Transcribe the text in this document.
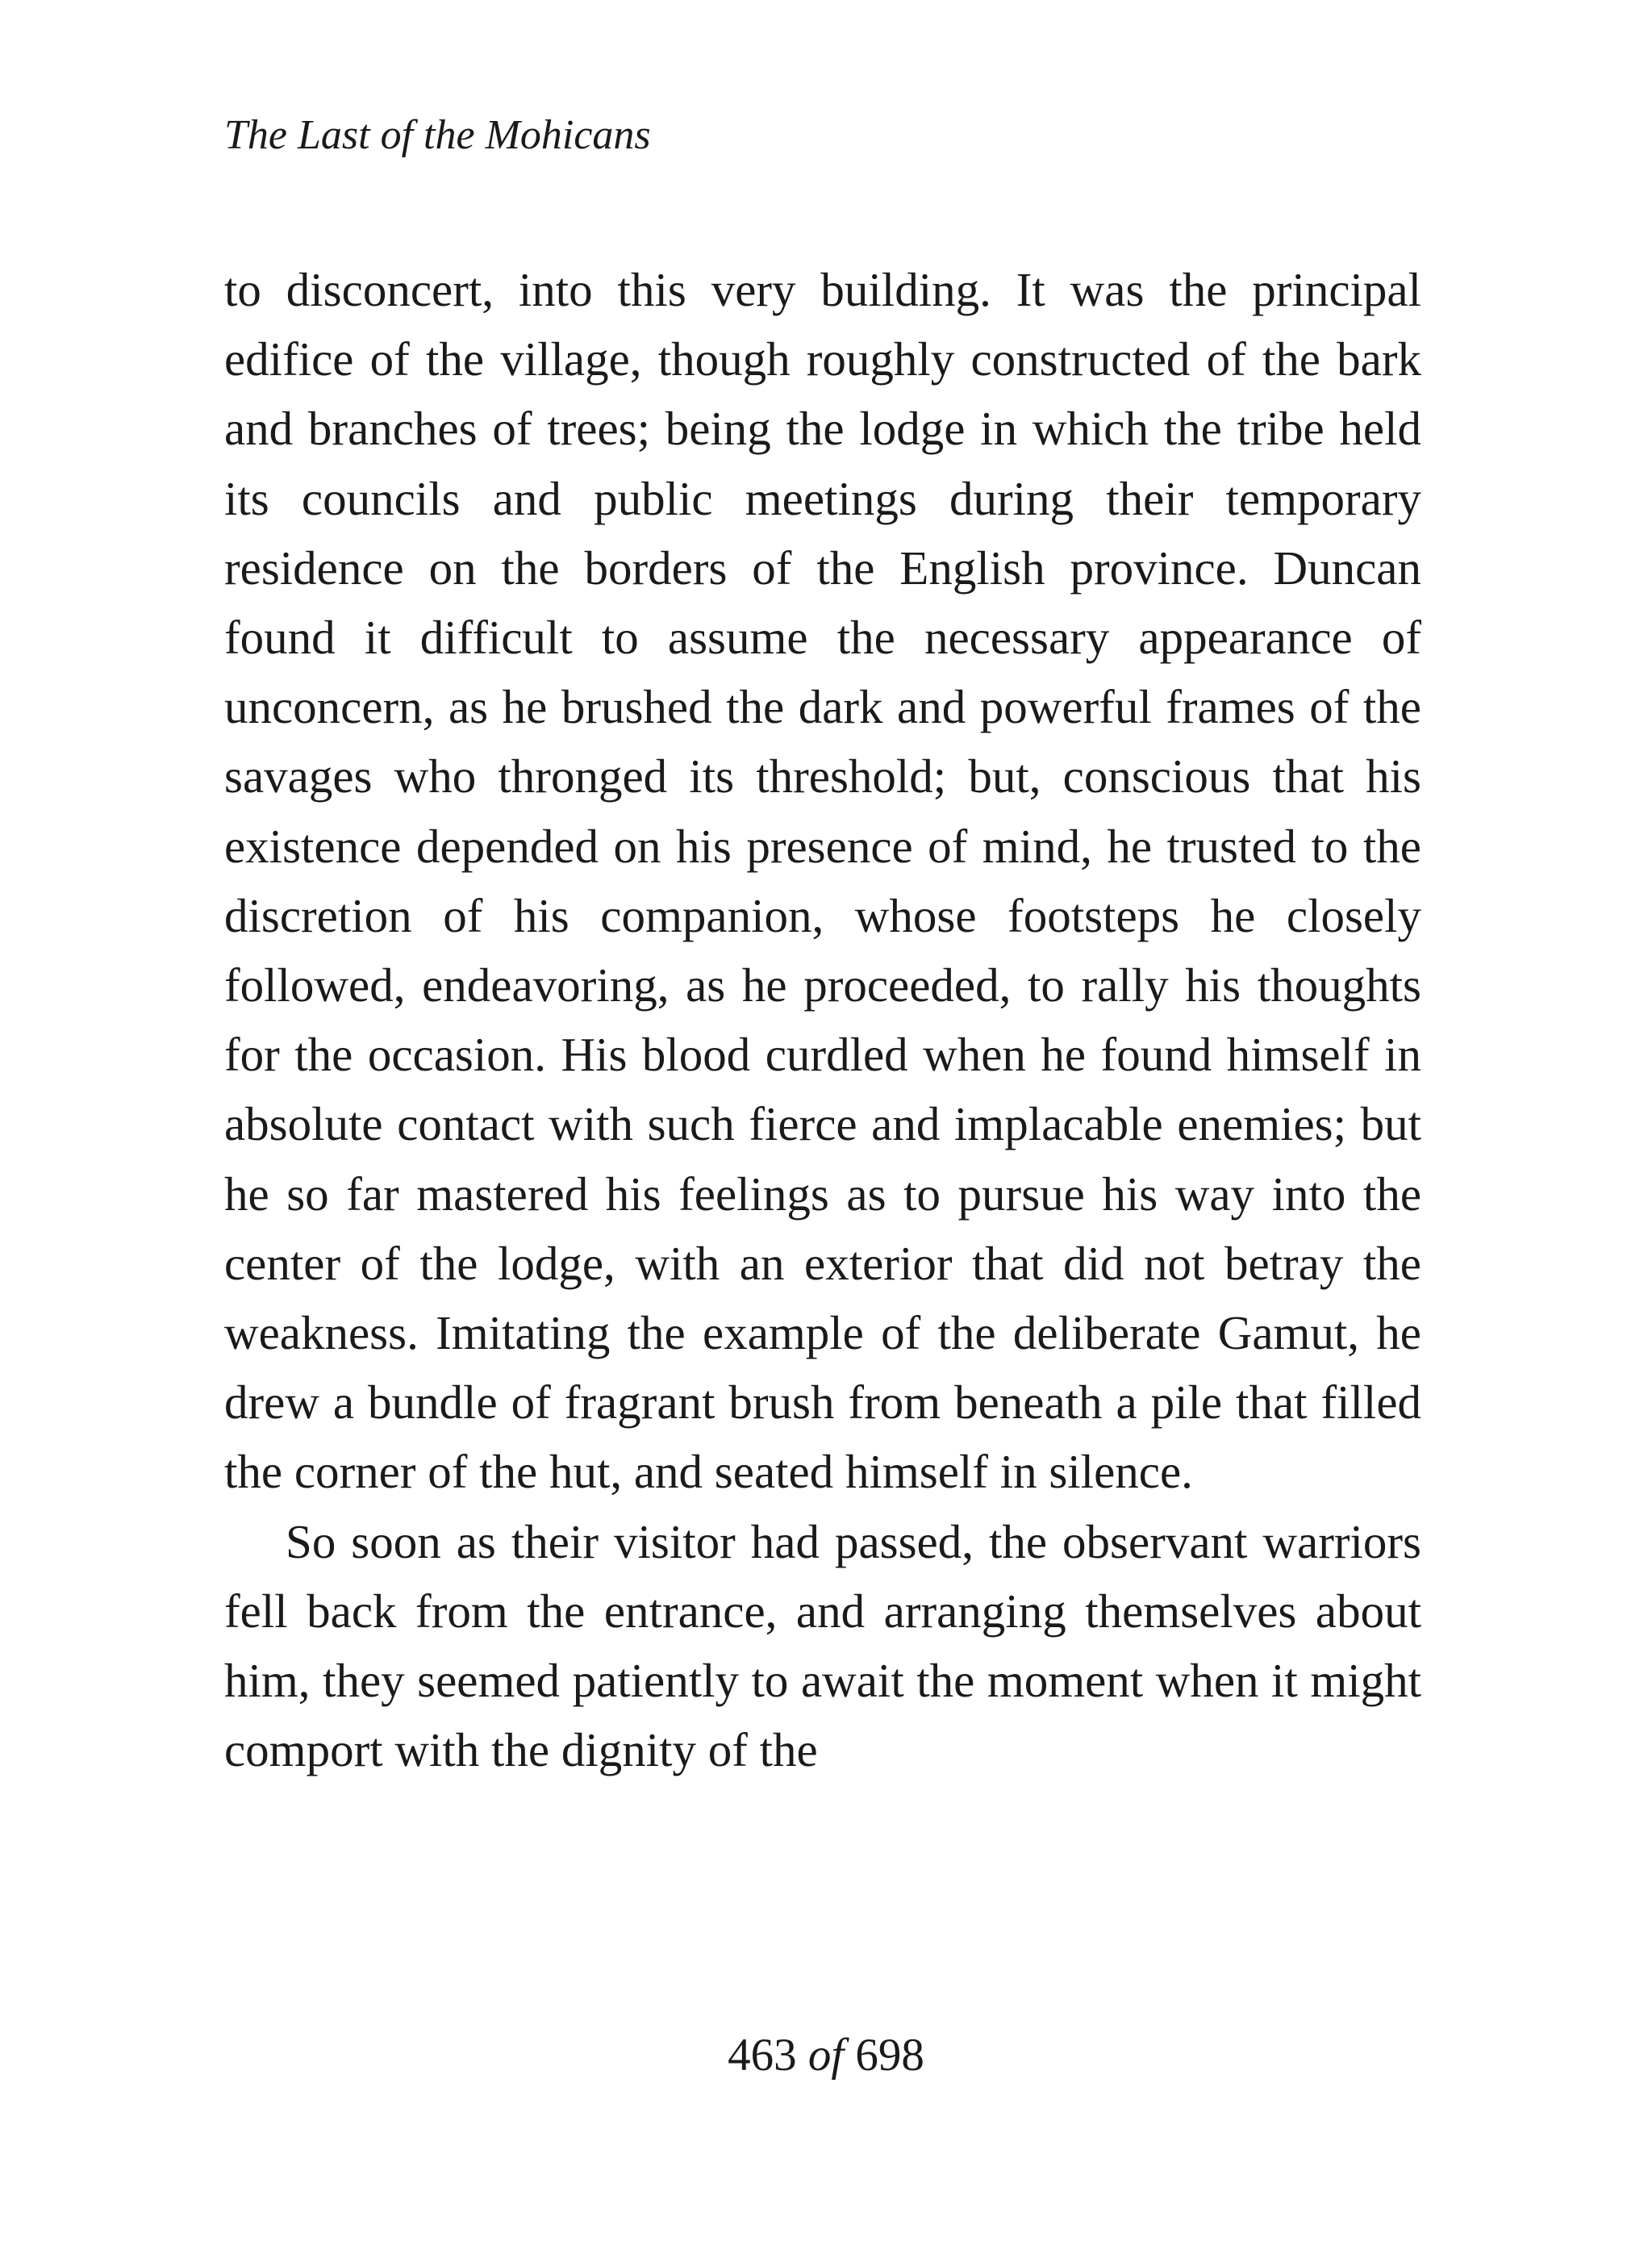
The Last of the Mohicans

to disconcert, into this very building. It was the principal edifice of the village, though roughly constructed of the bark and branches of trees; being the lodge in which the tribe held its councils and public meetings during their temporary residence on the borders of the English province. Duncan found it difficult to assume the necessary appearance of unconcern, as he brushed the dark and powerful frames of the savages who thronged its threshold; but, conscious that his existence depended on his presence of mind, he trusted to the discretion of his companion, whose footsteps he closely followed, endeavoring, as he proceeded, to rally his thoughts for the occasion. His blood curdled when he found himself in absolute contact with such fierce and implacable enemies; but he so far mastered his feelings as to pursue his way into the center of the lodge, with an exterior that did not betray the weakness. Imitating the example of the deliberate Gamut, he drew a bundle of fragrant brush from beneath a pile that filled the corner of the hut, and seated himself in silence.

So soon as their visitor had passed, the observant warriors fell back from the entrance, and arranging themselves about him, they seemed patiently to await the moment when it might comport with the dignity of the

463 of 698
